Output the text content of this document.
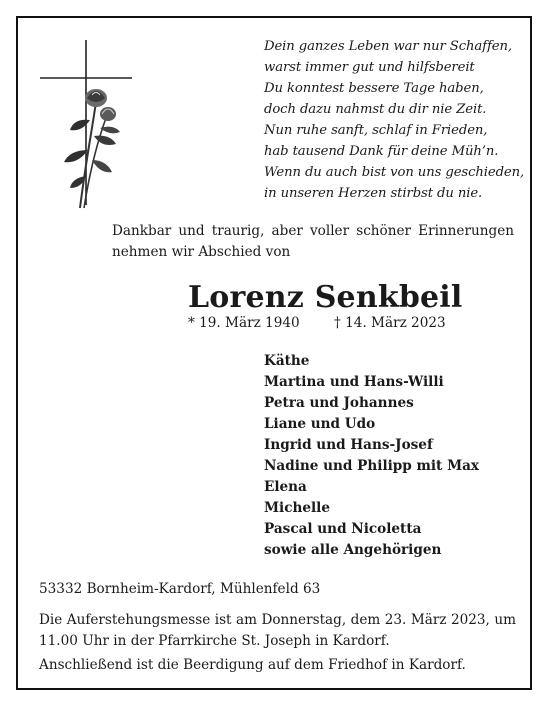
Dein ganzes Leben war nur Schaffen,
warst immer gut und hilfsbereit
Du konntest bessere Tage haben,
doch dazu nahmst du dir nie Zeit.
Nun ruhe sanft, schlaf in Frieden,
hab tausend Dank für deine Müh’n.
Wenn du auch bist von uns geschieden,
in unseren Herzen stirbst du nie.
Dankbar und traurig, aber voller schöner Erinnerungen nehmen wir Abschied von
Lorenz Senkbeil
* 19. März 1940	† 14. März 2023
Käthe
Martina und Hans-Willi
Petra und Johannes
Liane und Udo
Ingrid und Hans-Josef
Nadine und Philipp mit Max
Elena
Michelle
Pascal und Nicoletta
sowie alle Angehörigen
53332 Bornheim-Kardorf, Mühlenfeld 63
Die Auferstehungsmesse ist am Donnerstag, dem 23. März 2023, um 11.00 Uhr in der Pfarrkirche St. Joseph in Kardorf.
Anschließend ist die Beerdigung auf dem Friedhof in Kardorf.
